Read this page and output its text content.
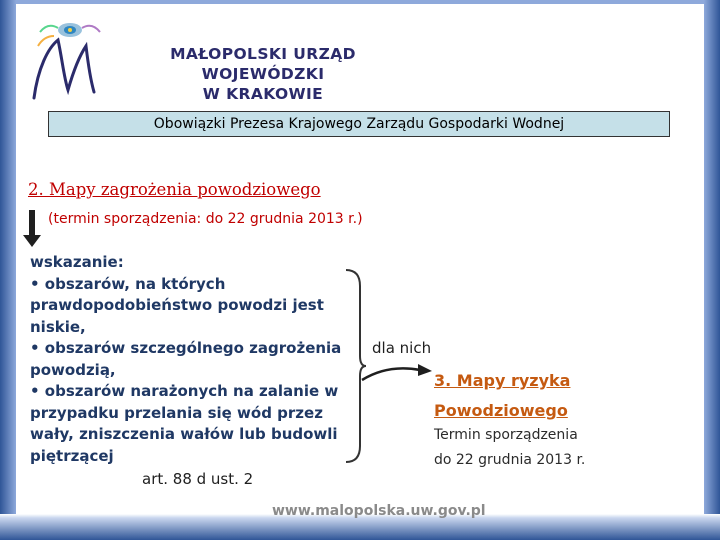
MAŁOPOLSKI URZĄD WOJEWÓDZKI
W KRAKOWIE
Obowiązki Prezesa Krajowego Zarządu Gospodarki Wodnej
2. Mapy zagrożenia powodziowego
(termin sporządzenia: do 22 grudnia 2013 r.)
wskazanie:
• obszarów, na których
prawdopodobieństwo powodzi jest
niskie,
• obszarów szczególnego zagrożenia
powodzią,
• obszarów narażonych na zalanie w
przypadku przelania się wód przez
wały, zniszczenia wałów lub budowli
piętrzącej
art. 88 d ust. 2
dla nich
3. Mapy ryzyka
Powodziowego
Termin sporządzenia
do 22 grudnia 2013 r.
www.malopolska.uw.gov.pl
